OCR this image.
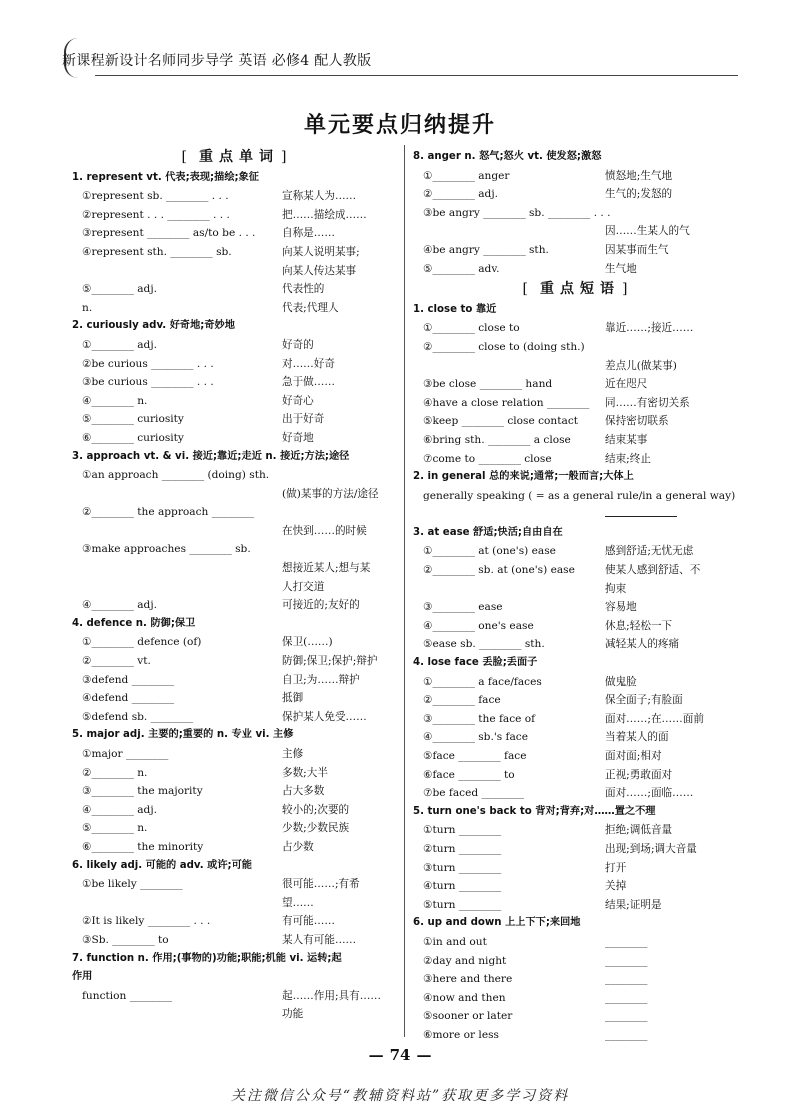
新课程新设计名师同步导学 英语 必修4 配人教版
单元要点归纳提升
[ 重点单词 ]
1. represent vt. 代表;表现;描绘;象征
①represent sb. ________ . . .	宣称某人为……
②represent . . . ________ . . .	把……描绘成……
③represent ________ as/to be . . .	自称是……
④represent sth. ________ sb.	向某人说明某事;
向某人传达某事
⑤________ adj.	代表性的
n.	代表;代理人
2. curiously adv. 好奇地;奇妙地
①________ adj.	好奇的
②be curious ________ . . .	对……好奇
③be curious ________ . . .	急于做……
④________ n.	好奇心
⑤________ curiosity	出于好奇
⑥________ curiosity	好奇地
3. approach vt. & vi. 接近;靠近;走近 n. 接近;方法;途径
①an approach ________ (doing) sth.
(做)某事的方法/途径
②________ the approach ________
在快到……的时候
③make approaches ________ sb.
想接近某人;想与某
人打交道
④________ adj.	可接近的;友好的
4. defence n. 防御;保卫
①________ defence (of)	保卫(……)
②________ vt.	防御;保卫;保护;辩护
③defend ________	自卫;为……辩护
④defend ________	抵御
⑤defend sb. ________	保护某人免受……
5. major adj. 主要的;重要的 n. 专业 vi. 主修
①major ________	主修
②________ n.	多数;大半
③________ the majority	占大多数
④________ adj.	较小的;次要的
⑤________ n.	少数;少数民族
⑥________ the minority	占少数
6. likely adj. 可能的 adv. 或许;可能
①be likely ________	很可能……;有希
望……
②It is likely ________ . . .	有可能……
③Sb. ________ to	某人有可能……
7. function n. 作用;(事物的)功能;职能;机能 vi. 运转;起
作用
function ________	起……作用;具有……
功能
8. anger n. 怒气;怒火 vt. 使发怒;激怒
①________ anger	愤怒地;生气地
②________ adj.	生气的;发怒的
③be angry ________ sb. ________ . . .
因……生某人的气
④be angry ________ sth.	因某事而生气
⑤________ adv.	生气地
[ 重点短语 ]
1. close to 靠近
①________ close to	靠近……;接近……
②________ close to (doing sth.)
差点儿(做某事)
③be close ________ hand	近在咫尺
④have a close relation ________ 同……有密切关系
⑤keep ________ close contact	保持密切联系
⑥bring sth. ________ a close	结束某事
⑦come to ________ close	结束;终止
2. in general 总的来说;通常;一般而言;大体上
generally speaking ( = as a general rule/in a general way)
3. at ease 舒适;快活;自由自在
①________ at (one's) ease	感到舒适;无忧无虑
②________ sb. at (one's) ease	使某人感到舒适、不
拘束
③________ ease	容易地
④________ one's ease	休息;轻松一下
⑤ease sb. ________ sth.	减轻某人的疼痛
4. lose face 丢脸;丢面子
①________ a face/faces	做鬼脸
②________ face	保全面子;有脸面
③________ the face of	面对……;在……面前
④________ sb.'s face	当着某人的面
⑤face ________ face	面对面;相对
⑥face ________ to	正视;勇敢面对
⑦be faced ________	面对……;面临……
5. turn one's back to 背对;背弃;对……置之不理
①turn ________	拒绝;调低音量
②turn ________	出现;到场;调大音量
③turn ________	打开
④turn ________	关掉
⑤turn ________	结果;证明是
6. up and down 上上下下;来回地
①in and out	________
②day and night	________
③here and there	________
④now and then	________
⑤sooner or later	________
⑥more or less	________
— 74 —
关注微信公众号“教辅资料站”获取更多学习资料
